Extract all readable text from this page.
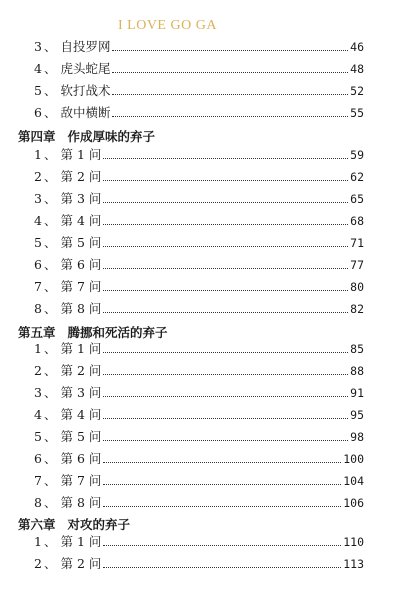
I LOVE GO GA
3 、 自投罗网	46
4 、 虎头蛇尾	48
5 、 软打战术	52
6 、 敌中横断	55
第四章 作成厚味的弃子
1 、 第 1 问	59
2 、 第 2 问	62
3 、 第 3 问	65
4 、 第 4 问	68
5 、 第 5 问	71
6 、 第 6 问	77
7 、 第 7 问	80
8 、 第 8 问	82
第五章 腾挪和死活的弃子
1 、 第 1 问	85
2 、 第 2 问	88
3 、 第 3 问	91
4 、 第 4 问	95
5 、 第 5 问	98
6 、 第 6 问	100
7 、 第 7 问	104
8 、 第 8 问	106
第六章 对攻的弃子
1 、 第 1 问	110
2 、 第 2 问	113
